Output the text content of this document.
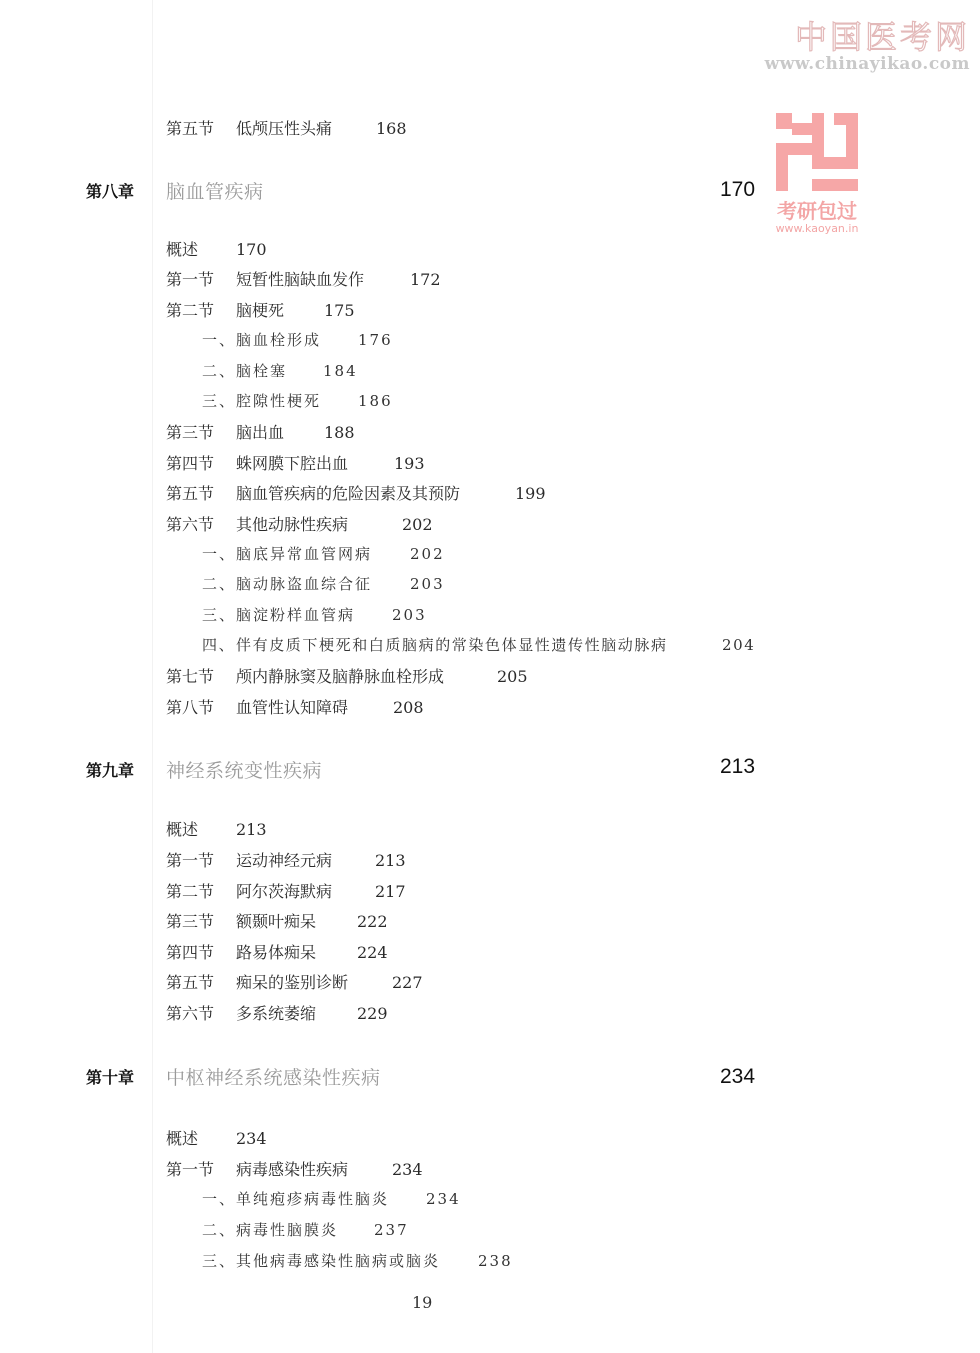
中国医考网
www.chinayikao.com
考研包过
www.kaoyan.in
第八章 脑血管疾病	170
第九章 神经系统变性疾病	213
第十章 中枢神经系统感染性疾病	234
第五节 低颅压性头痛	168
概述 170
第一节 短暂性脑缺血发作	172
第二节 脑梗死 175
一、脑血栓形成 176
二、脑栓塞 184
三、腔隙性梗死 186
第三节 脑出血 188
第四节 蛛网膜下腔出血	193
第五节 脑血管疾病的危险因素及其预防	199
第六节 其他动脉性疾病	202
一、脑底异常血管网病	202
二、脑动脉盗血综合征	203
三、脑淀粉样血管病 203
四、伴有皮质下梗死和白质脑病的常染色体显性遗传性脑动脉病	204
第七节 颅内静脉窦及脑静脉血栓形成	205
第八节 血管性认知障碍	208
概述 213
第一节 运动神经元病	213
第二节 阿尔茨海默病	217
第三节 额颞叶痴呆	222
第四节 路易体痴呆	224
第五节 痴呆的鉴别诊断	227
第六节 多系统萎缩	229
概述 234
第一节 病毒感染性疾病	234
一、单纯疱疹病毒性脑炎 234
二、病毒性脑膜炎 237
三、其他病毒感染性脑病或脑炎	238
19
